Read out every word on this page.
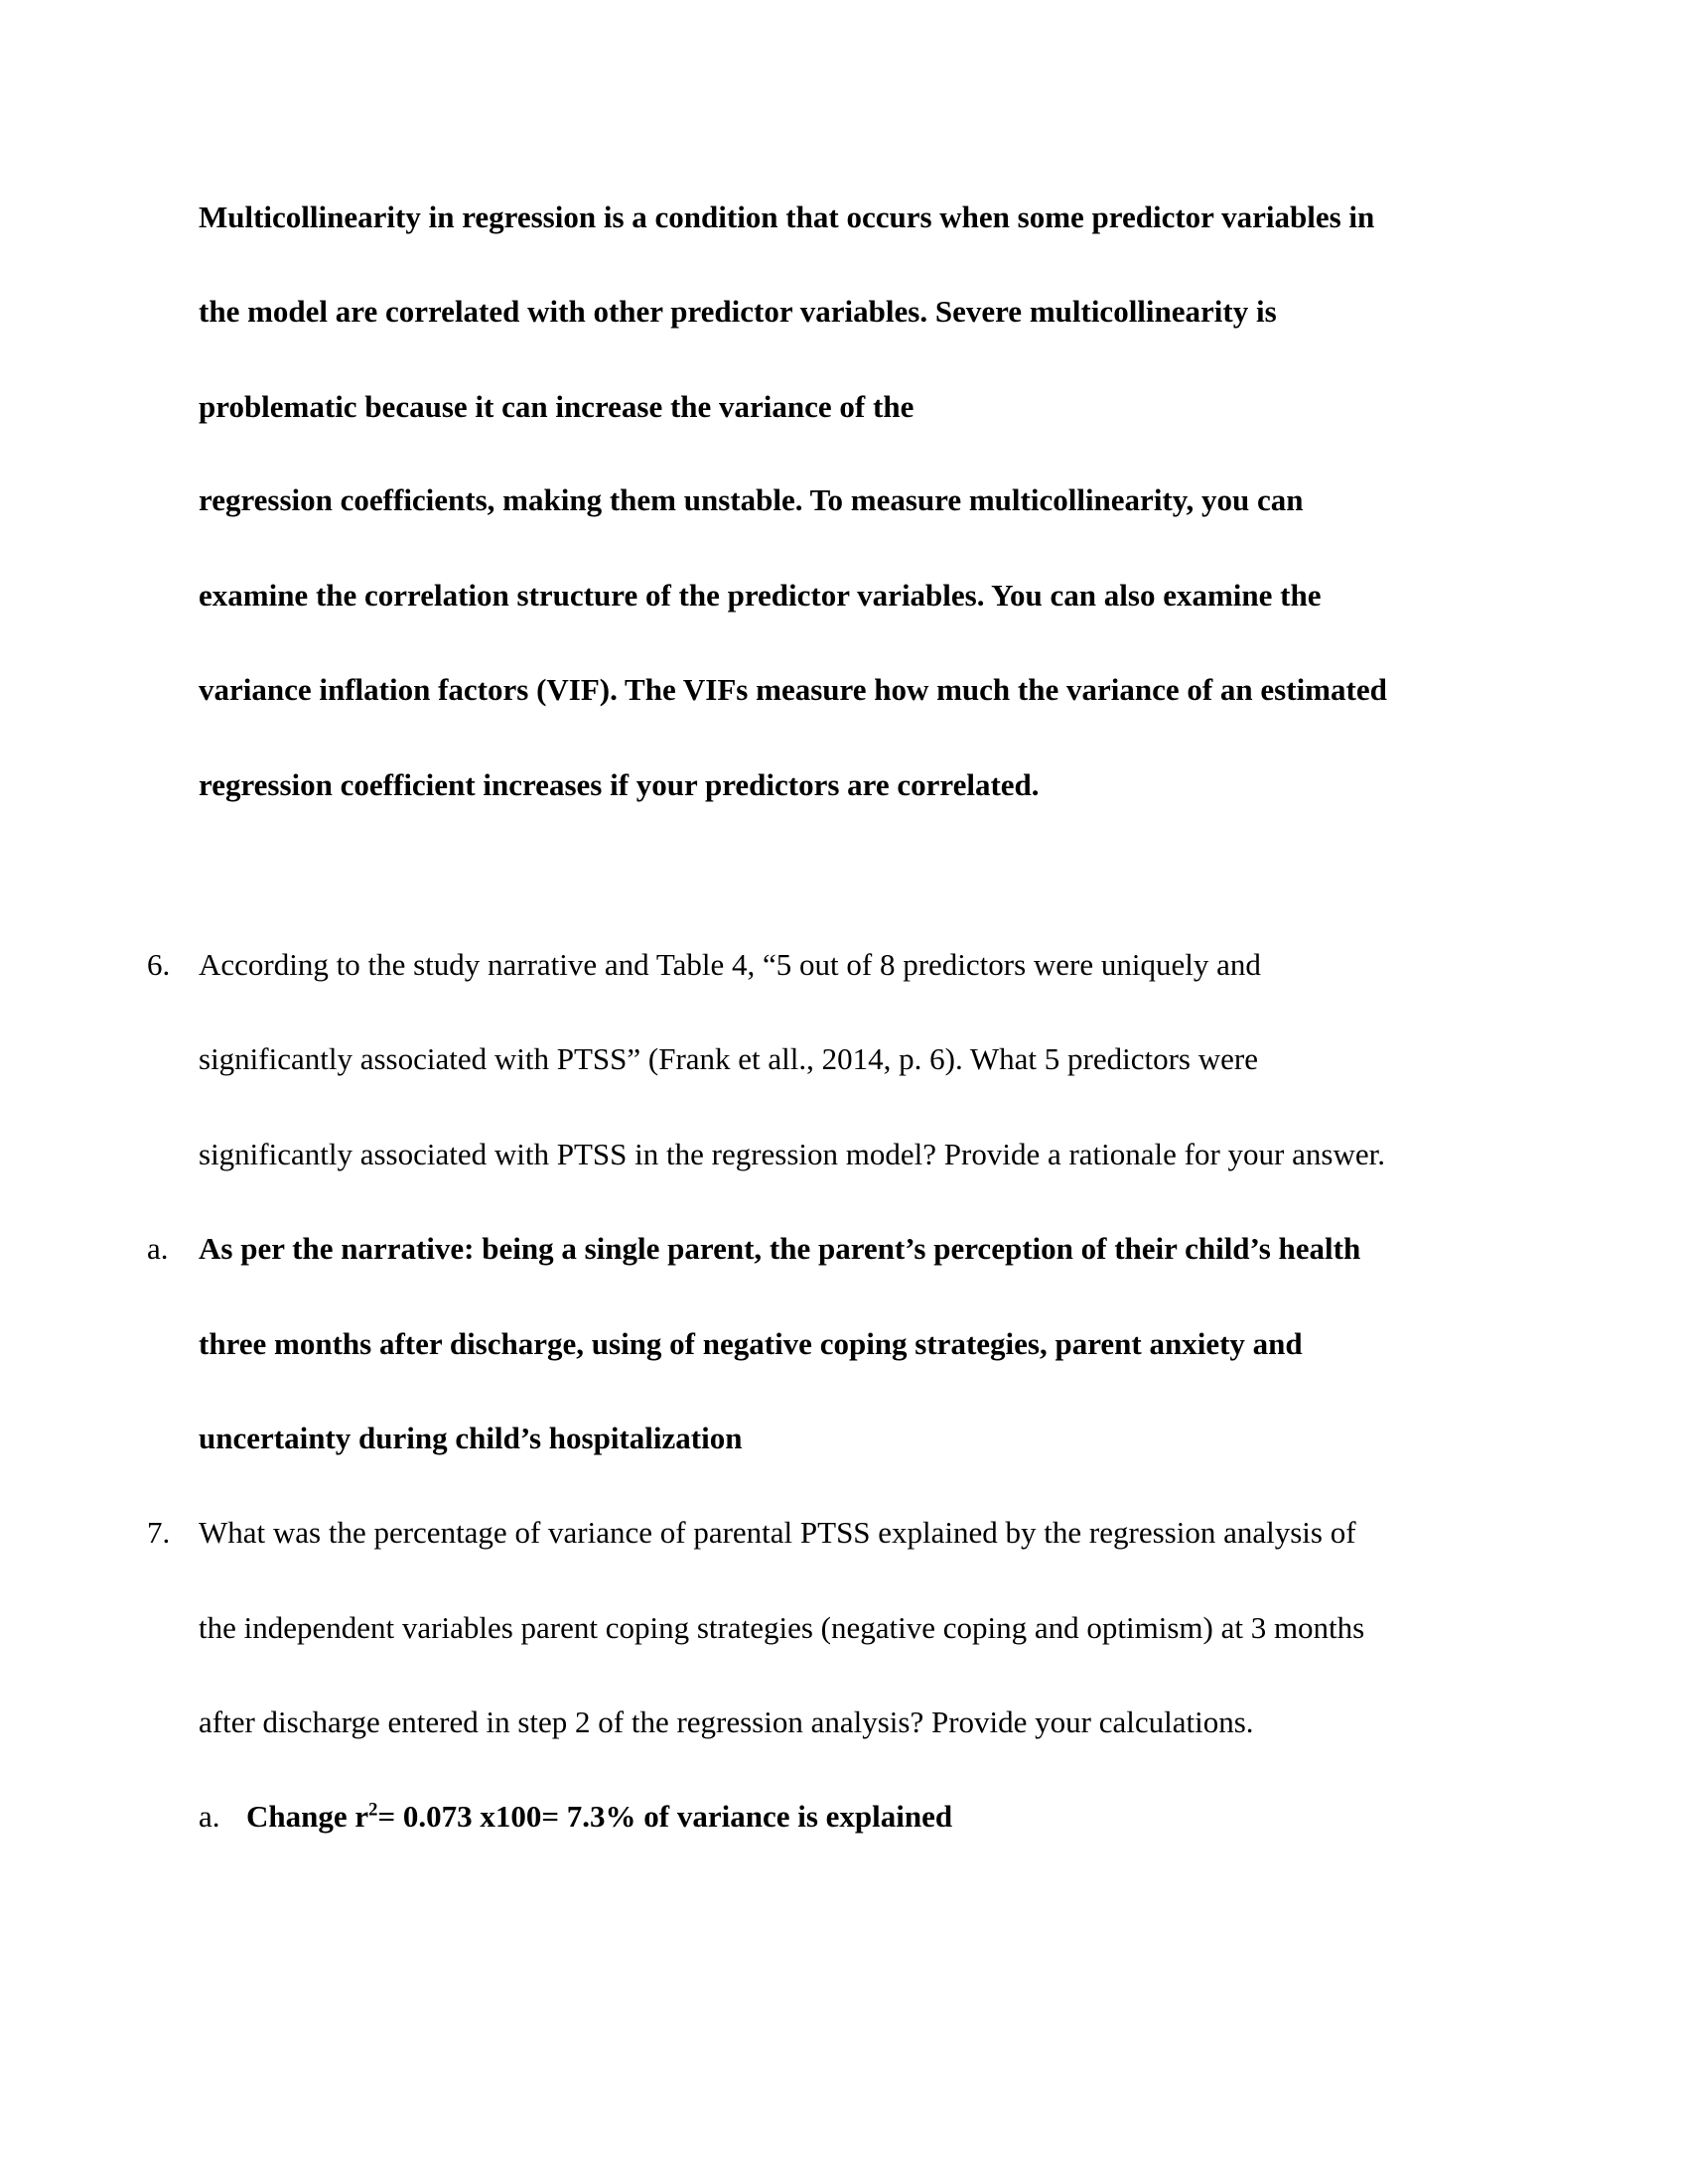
Multicollinearity in regression is a condition that occurs when some predictor variables in
the model are correlated with other predictor variables. Severe multicollinearity is
problematic because it can increase the variance of the
regression coefficients, making them unstable. To measure multicollinearity, you can
examine the correlation structure of the predictor variables. You can also examine the
variance inflation factors (VIF). The VIFs measure how much the variance of an estimated
regression coefficient increases if your predictors are correlated.
6. According to the study narrative and Table 4, “5 out of 8 predictors were uniquely and
significantly associated with PTSS” (Frank et all., 2014, p. 6). What 5 predictors were
significantly associated with PTSS in the regression model? Provide a rationale for your answer.
a. As per the narrative: being a single parent, the parent’s perception of their child’s health
three months after discharge, using of negative coping strategies, parent anxiety and
uncertainty during child’s hospitalization
7. What was the percentage of variance of parental PTSS explained by the regression analysis of
the independent variables parent coping strategies (negative coping and optimism) at 3 months
after discharge entered in step 2 of the regression analysis? Provide your calculations.
a. Change $r^2= 0.073$ x100= 7.3% of variance is explained
